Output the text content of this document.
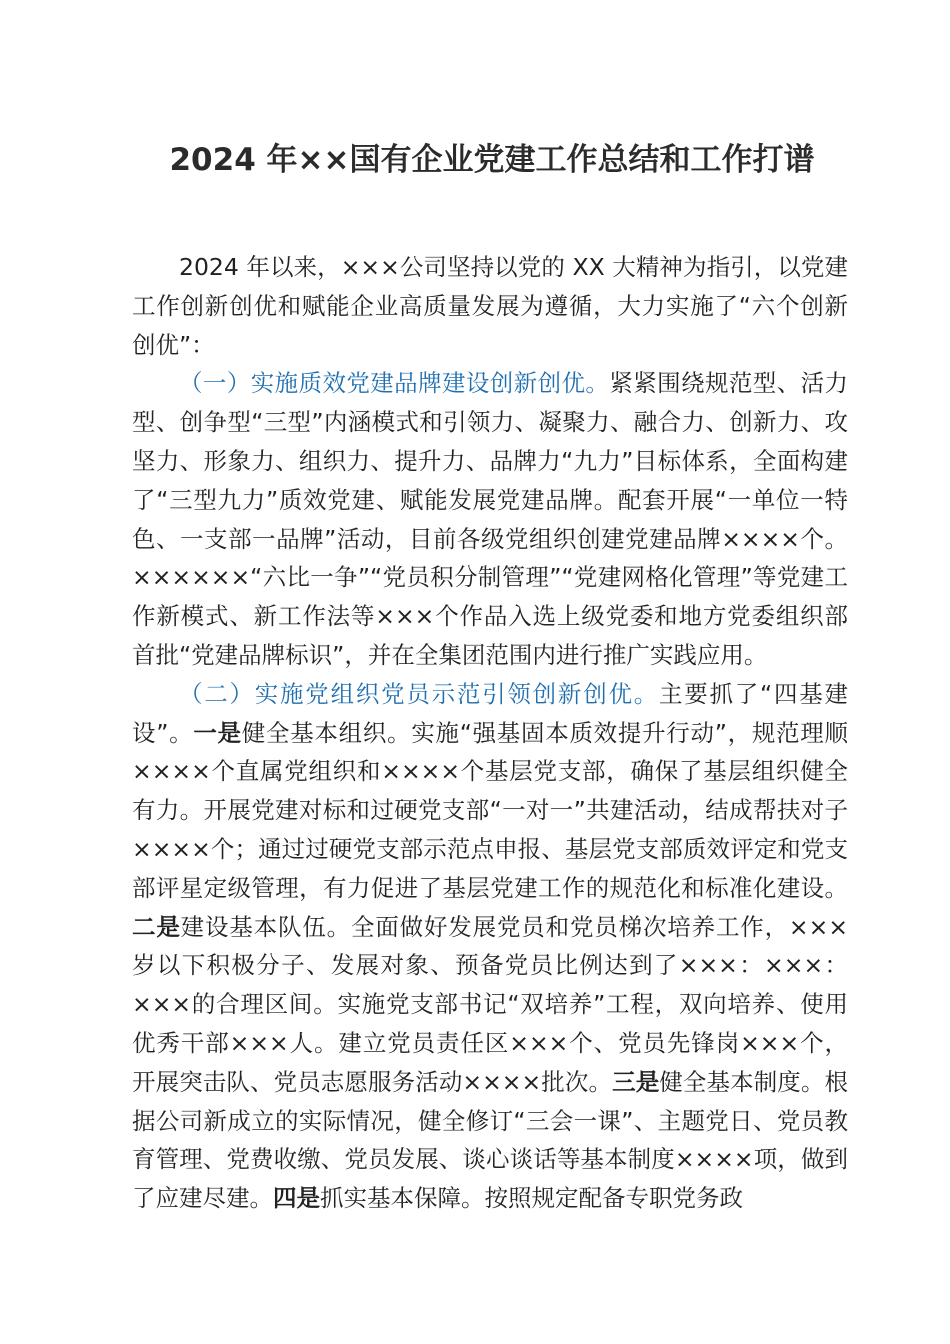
2024 年××国有企业党建工作总结和工作打谱

2024 年以来，×××公司坚持以党的 XX 大精神为指引，以党建工作创新创优和赋能企业高质量发展为遵循，大力实施了“六个创新创优”：

（一）实施质效党建品牌建设创新创优。紧紧围绕规范型、活力型、创争型“三型”内涵模式和引领力、凝聚力、融合力、创新力、攻坚力、形象力、组织力、提升力、品牌力“九力”目标体系，全面构建了“三型九力”质效党建、赋能发展党建品牌。配套开展“一单位一特色、一支部一品牌”活动，目前各级党组织创建党建品牌××××个。××××××“六比一争”“党员积分制管理”“党建网格化管理”等党建工作新模式、新工作法等×××个作品入选上级党委和地方党委组织部首批“党建品牌标识”，并在全集团范围内进行推广实践应用。

（二）实施党组织党员示范引领创新创优。主要抓了“四基建设”。一是健全基本组织。实施“强基固本质效提升行动”，规范理顺××××个直属党组织和××××个基层党支部，确保了基层组织健全有力。开展党建对标和过硬党支部“一对一”共建活动，结成帮扶对子××××个；通过过硬党支部示范点申报、基层党支部质效评定和党支部评星定级管理，有力促进了基层党建工作的规范化和标准化建设。二是建设基本队伍。全面做好发展党员和党员梯次培养工作，×××岁以下积极分子、发展对象、预备党员比例达到了×××：×××：×××的合理区间。实施党支部书记“双培养”工程，双向培养、使用优秀干部×××人。建立党员责任区×××个、党员先锋岗×××个，开展突击队、党员志愿服务活动××××批次。三是健全基本制度。根据公司新成立的实际情况，健全修订“三会一课”、主题党日、党员教育管理、党费收缴、党员发展、谈心谈话等基本制度××××项，做到了应建尽建。四是抓实基本保障。按照规定配备专职党务政
